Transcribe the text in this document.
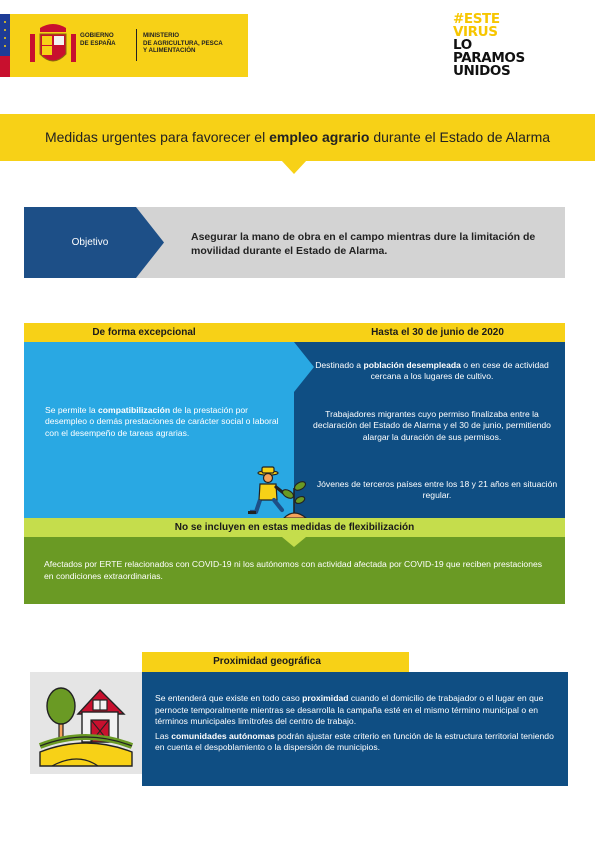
GOBIERNO
DE ESPAÑA
MINISTERIO
DE AGRICULTURA, PESCA
Y ALIMENTACIÓN
#ESTE
VIRUS
LO
PARAMOS
UNIDOS
Medidas urgentes para favorecer el empleo agrario durante el Estado de Alarma
Objetivo	Asegurar la mano de obra en el campo mientras dure la limitación de movilidad durante el Estado de Alarma.
De forma excepcional	Hasta el 30 de junio de 2020
Se permite la compatibilización de la prestación por desempleo o demás prestaciones de carácter social o laboral con el desempeño de tareas agrarias.
Destinado a población desempleada o en cese de actividad cercana a los lugares de cultivo.
Trabajadores migrantes cuyo permiso finalizaba entre la declaración del Estado de Alarma y el 30 de junio, permitiendo alargar la duración de sus permisos.
Jóvenes de terceros países entre los 18 y 21 años en situación regular.
No se incluyen en estas medidas de flexibilización
Afectados por ERTE relacionados con COVID-19 ni los autónomos con actividad afectada por COVID-19 que reciben prestaciones en condiciones extraordinarias.
Proximidad geográfica

Se entenderá que existe en todo caso proximidad cuando el domicilio de trabajador o el lugar en que pernocte temporalmente mientras se desarrolla la campaña esté en el mismo término municipal o en términos municipales limítrofes del centro de trabajo.

Las comunidades autónomas podrán ajustar este criterio en función de la estructura territorial teniendo en cuenta el despoblamiento o la dispersión de municipios.
